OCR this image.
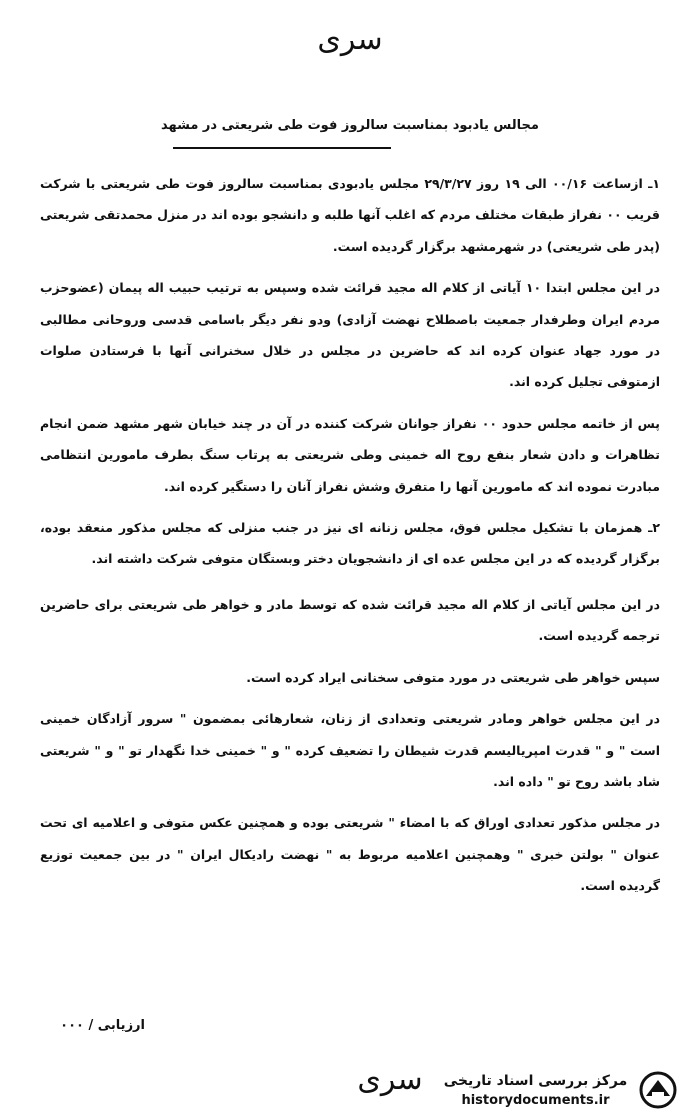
سری
مجالس یادبود بمناسبت سالروز فوت طی شریعتی در مشهد

۱ـ ازساعت ۰۰/۱۶ الی ۱۹ روز ۲۹/۳/۲۷ مجلس یادبودی بمناسبت سالروز فوت طی شریعتی با شرکت قریب ۰۰ نفراز طبقات مختلف مردم که اغلب آنها طلبه و دانشجو بوده اند در منزل محمدتقی شریعتی (پدر طی شریعتی) در شهرمشهد برگزار گردیده است.

در این مجلس ابتدا ۱۰ آیاتی از کلام اله مجید قرائت شده وسپس به ترتیب حبیب اله پیمان (عضوحزب مردم ایران وطرفدار جمعیت باصطلاح نهضت آزادی) ودو نفر دیگر باسامی قدسی وروحانی مطالبی در مورد جهاد عنوان کرده اند که حاضرین در مجلس در خلال سخنرانی آنها با فرستادن صلوات ازمتوفی تجلیل کرده اند.

پس از خاتمه مجلس حدود ۰۰ نفراز جوانان شرکت کننده در آن در چند خیابان شهر مشهد ضمن انجام تظاهرات و دادن شعار بنفع روح اله خمینی وطی شریعتی به پرتاب سنگ بطرف مامورین انتظامی مبادرت نموده اند که مامورین آنها را متفرق وشش نفراز آنان را دستگیر کرده اند.

۲ـ همزمان با تشکیل مجلس فوق، مجلس زنانه ای نیز در جنب منزلی که مجلس مذکور منعقد بوده، برگزار گردیده که در این مجلس عده ای از دانشجویان دختر وبستگان متوفی شرکت داشته اند.

در این مجلس آیاتی از کلام اله مجید قرائت شده که توسط مادر و خواهر طی شریعتی برای حاضرین ترجمه گردیده است.

سپس خواهر طی شریعتی در مورد متوفی سخنانی ایراد کرده است.

در این مجلس خواهر ومادر شریعتی وتعدادی از زنان، شعارهائی بمضمون " سرور آزادگان خمینی است " و " قدرت امپریالیسم قدرت شیطان را تضعیف کرده " و " خمینی خدا نگهدار تو " و " شریعتی شاد باشد روح تو " داده اند.

در مجلس مذکور تعدادی اوراق که با امضاء " شریعتی بوده و همچنین عکس متوفی و اعلامیه ای تحت عنوان " بولتن خبری " وهمچنین اعلامیه مربوط به " نهضت رادیکال ایران " در بین جمعیت توزیع گردیده است.

ارزیابی / ۰۰۰
سری	مرکز بررسی اسناد تاریخی
historydocuments.ir
